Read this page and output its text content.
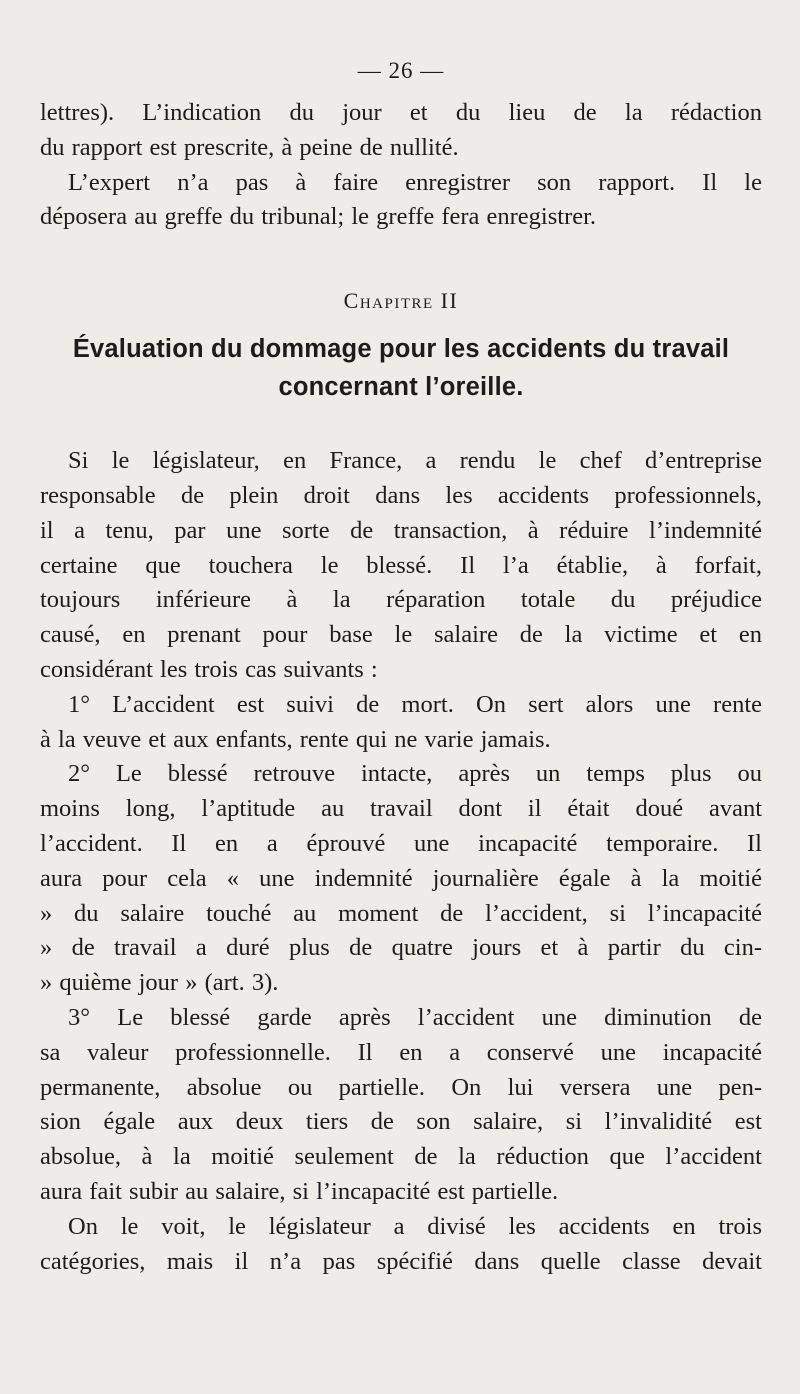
— 26 —

lettres). L’indication du jour et du lieu de la rédaction

du rapport est prescrite, à peine de nullité.

L’expert n’a pas à faire enregistrer son rapport. Il le

déposera au greffe du tribunal; le greffe fera enregistrer.

Chapitre II
Évaluation du dommage pour les accidents du travail
concernant l’oreille.

Si le législateur, en France, a rendu le chef d’entreprise

responsable de plein droit dans les accidents professionnels,

il a tenu, par une sorte de transaction, à réduire l’indemnité

certaine que touchera le blessé. Il l’a établie, à forfait,

toujours inférieure à la réparation totale du préjudice

causé, en prenant pour base le salaire de la victime et en

considérant les trois cas suivants :

1° L’accident est suivi de mort. On sert alors une rente

à la veuve et aux enfants, rente qui ne varie jamais.

2° Le blessé retrouve intacte, après un temps plus ou

moins long, l’aptitude au travail dont il était doué avant

l’accident. Il en a éprouvé une incapacité temporaire. Il

aura pour cela « une indemnité journalière égale à la moitié

» du salaire touché au moment de l’accident, si l’incapacité

» de travail a duré plus de quatre jours et à partir du cin-

» quième jour » (art. 3).

3° Le blessé garde après l’accident une diminution de

sa valeur professionnelle. Il en a conservé une incapacité

permanente, absolue ou partielle. On lui versera une pen-

sion égale aux deux tiers de son salaire, si l’invalidité est

absolue, à la moitié seulement de la réduction que l’accident

aura fait subir au salaire, si l’incapacité est partielle.

On le voit, le législateur a divisé les accidents en trois

catégories, mais il n’a pas spécifié dans quelle classe devait
